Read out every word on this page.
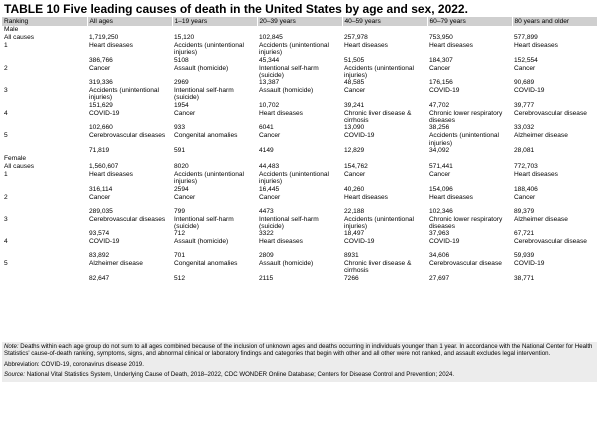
TABLE 10 Five leading causes of death in the United States by age and sex, 2022.
Ranking	All ages	1–19 years	20–39 years	40–59 years	60–79 years	80 years and older
Male						
All causes	1,719,250	15,120	102,845	257,978	753,950	577,899
1	Heart diseases	Accidents (unintentional injuries)	Accidents (unintentional injuries)	Heart diseases	Heart diseases	Heart diseases
	386,766	5108	45,344	51,505	184,307	152,554
2	Cancer	Assault (homicide)	Intentional self-harm (suicide)	Accidents (unintentional injuries)	Cancer	Cancer
	319,336	2969	13,387	48,585	176,156	90,689
3	Accidents (unintentional injuries)	Intentional self-harm (suicide)	Assault (homicide)	Cancer	COVID-19	COVID-19
	151,629	1954	10,702	39,241	47,702	39,777
4	COVID-19	Cancer	Heart diseases	Chronic liver disease & cirrhosis	Chronic lower respiratory diseases	Cerebrovascular disease
	102,660	933	6041	13,090	38,256	33,032
5	Cerebrovascular diseases	Congenital anomalies	Cancer	COVID-19	Accidents (unintentional injuries)	Alzheimer disease
	71,819	591	4149	12,829	34,092	28,081
Female						
All causes	1,560,607	8020	44,483	154,762	571,441	772,703
1	Heart diseases	Accidents (unintentional injuries)	Accidents (unintentional injuries)	Cancer	Cancer	Heart diseases
	316,114	2594	16,445	40,260	154,096	188,406
2	Cancer	Cancer	Cancer	Heart diseases	Heart diseases	Cancer
	289,035	799	4473	22,188	102,346	89,379
3	Cerebrovascular diseases	Intentional self-harm (suicide)	Intentional self-harm (suicide)	Accidents (unintentional injuries)	Chronic lower respiratory diseases	Alzheimer disease
	93,574	712	3322	18,497	37,963	67,721
4	COVID-19	Assault (homicide)	Heart diseases	COVID-19	COVID-19	Cerebrovascular disease
	83,892	701	2809	8931	34,606	59,939
5	Alzheimer disease	Congenital anomalies	Assault (homicide)	Chronic liver disease & cirrhosis	Cerebrovascular disease	COVID-19
	82,647	512	2115	7266	27,697	38,771

Note: Deaths within each age group do not sum to all ages combined because of the inclusion of unknown ages and deaths occurring in individuals younger than 1 year. In accordance with the National Center for Health Statistics' cause-of-death ranking, symptoms, signs, and abnormal clinical or laboratory findings and categories that begin with other and all other were not ranked, and assault excludes legal intervention.

Abbreviation: COVID-19, coronavirus disease 2019.

Source: National Vital Statistics System, Underlying Cause of Death, 2018–2022, CDC WONDER Online Database; Centers for Disease Control and Prevention; 2024.
